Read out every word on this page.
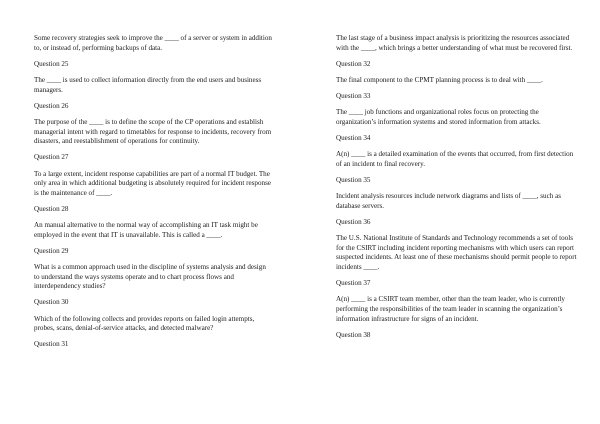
Some recovery strategies seek to improve the ____ of a server or system in addition to, or instead of, performing backups of data.

Question 25

The ____ is used to collect information directly from the end users and business managers.

Question 26

The purpose of the ____ is to define the scope of the CP operations and establish managerial intent with regard to timetables for response to incidents, recovery from disasters, and reestablishment of operations for continuity.

Question 27

To a large extent, incident response capabilities are part of a normal IT budget. The only area in which additional budgeting is absolutely required for incident response is the maintenance of ____.

Question 28

An manual alternative to the normal way of accomplishing an IT task might be employed in the event that IT is unavailable. This is called a ____.

Question 29

What is a common approach used in the discipline of systems analysis and design to understand the ways systems operate and to chart process flows and interdependency studies?

Question 30

Which of the following collects and provides reports on failed login attempts, probes, scans, denial-of-service attacks, and detected malware?

Question 31

The last stage of a business impact analysis is prioritizing the resources associated with the ____, which brings a better understanding of what must be recovered first.

Question 32

The final component to the CPMT planning process is to deal with ____.

Question 33

The ____ job functions and organizational roles focus on protecting the organization’s information systems and stored information from attacks.

Question 34

A(n) ____ is a detailed examination of the events that occurred, from first detection of an incident to final recovery.

Question 35

Incident analysis resources include network diagrams and lists of ____, such as database servers.

Question 36

The U.S. National Institute of Standards and Technology recommends a set of tools for the CSIRT including incident reporting mechanisms with which users can report suspected incidents. At least one of these mechanisms should permit people to report incidents ____.

Question 37

A(n) ____ is a CSIRT team member, other than the team leader, who is currently performing the responsibilities of the team leader in scanning the organization’s information infrastructure for signs of an incident.

Question 38
